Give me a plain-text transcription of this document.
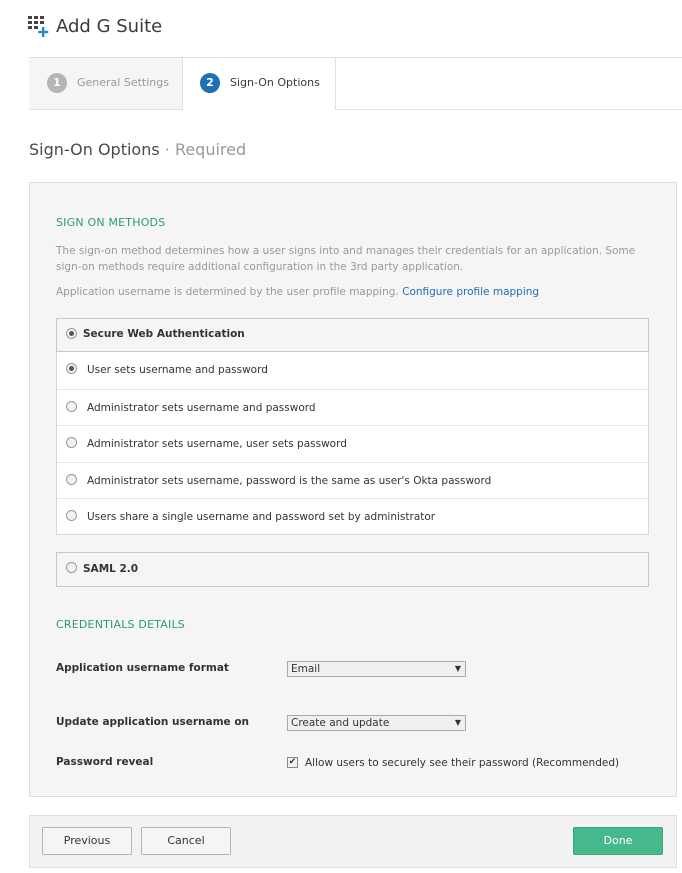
Add G Suite
1	General Settings	2	Sign-On Options
Sign-On Options · Required
SIGN ON METHODS
The sign-on method determines how a user signs into and manages their credentials for an application. Some sign-on methods require additional configuration in the 3rd party application.
Application username is determined by the user profile mapping. Configure profile mapping
Secure Web Authentication
User sets username and password
Administrator sets username and password
Administrator sets username, user sets password
Administrator sets username, password is the same as user's Okta password
Users share a single username and password set by administrator
SAML 2.0
CREDENTIALS DETAILS
Application username format	Email	▼
Update application username on	Create and update	▼
Password reveal	✔ Allow users to securely see their password (Recommended)
Previous	Cancel	Done
